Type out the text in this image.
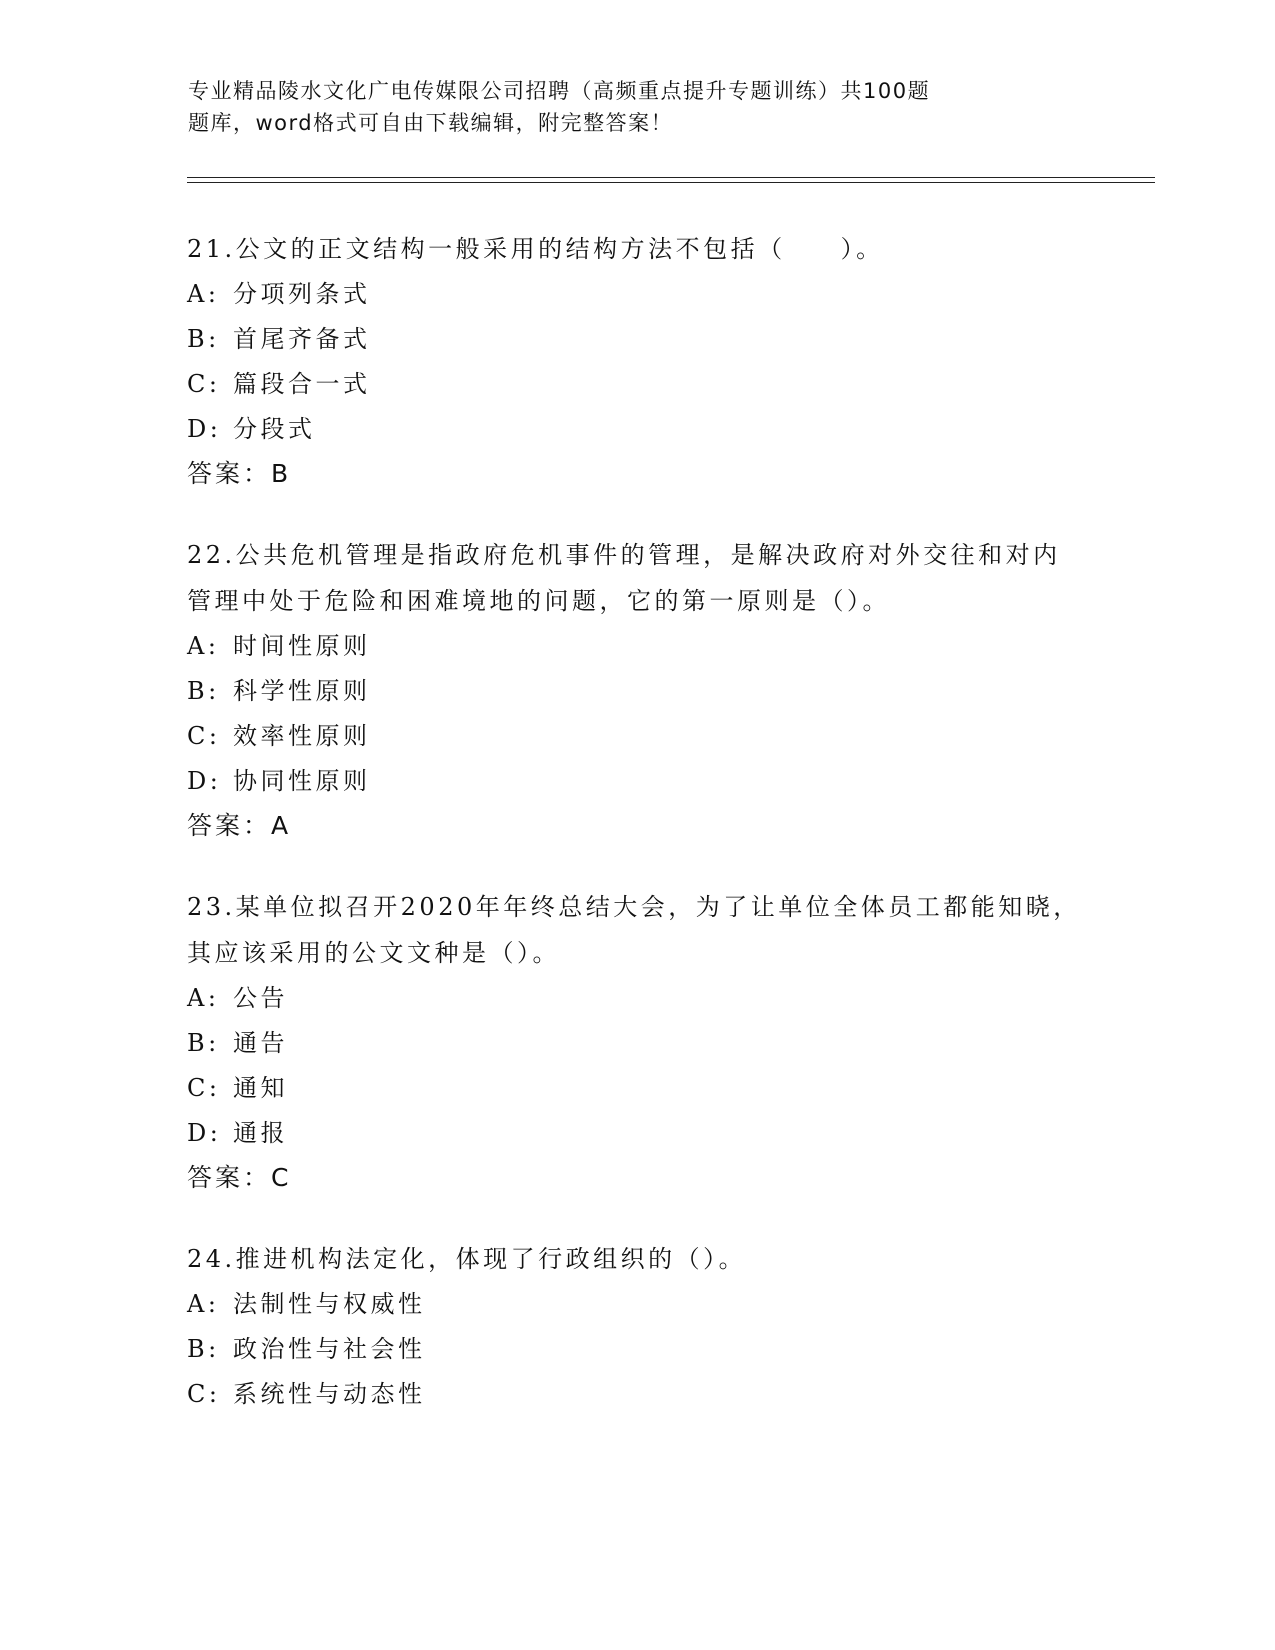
专业精品陵水文化广电传媒限公司招聘（高频重点提升专题训练）共100题
题库，word格式可自由下载编辑，附完整答案！

21.公文的正文结构一般采用的结构方法不包括（　　）。

A: 分项列条式

B: 首尾齐备式

C: 篇段合一式

D: 分段式

答案：B

22.公共危机管理是指政府危机事件的管理，是解决政府对外交往和对内管理中处于危险和困难境地的问题，它的第一原则是（）。

A: 时间性原则

B: 科学性原则

C: 效率性原则

D: 协同性原则

答案：A

23.某单位拟召开2020年年终总结大会，为了让单位全体员工都能知晓，其应该采用的公文文种是（）。

A: 公告

B: 通告

C: 通知

D: 通报

答案：C

24.推进机构法定化，体现了行政组织的（）。

A: 法制性与权威性

B: 政治性与社会性

C: 系统性与动态性
